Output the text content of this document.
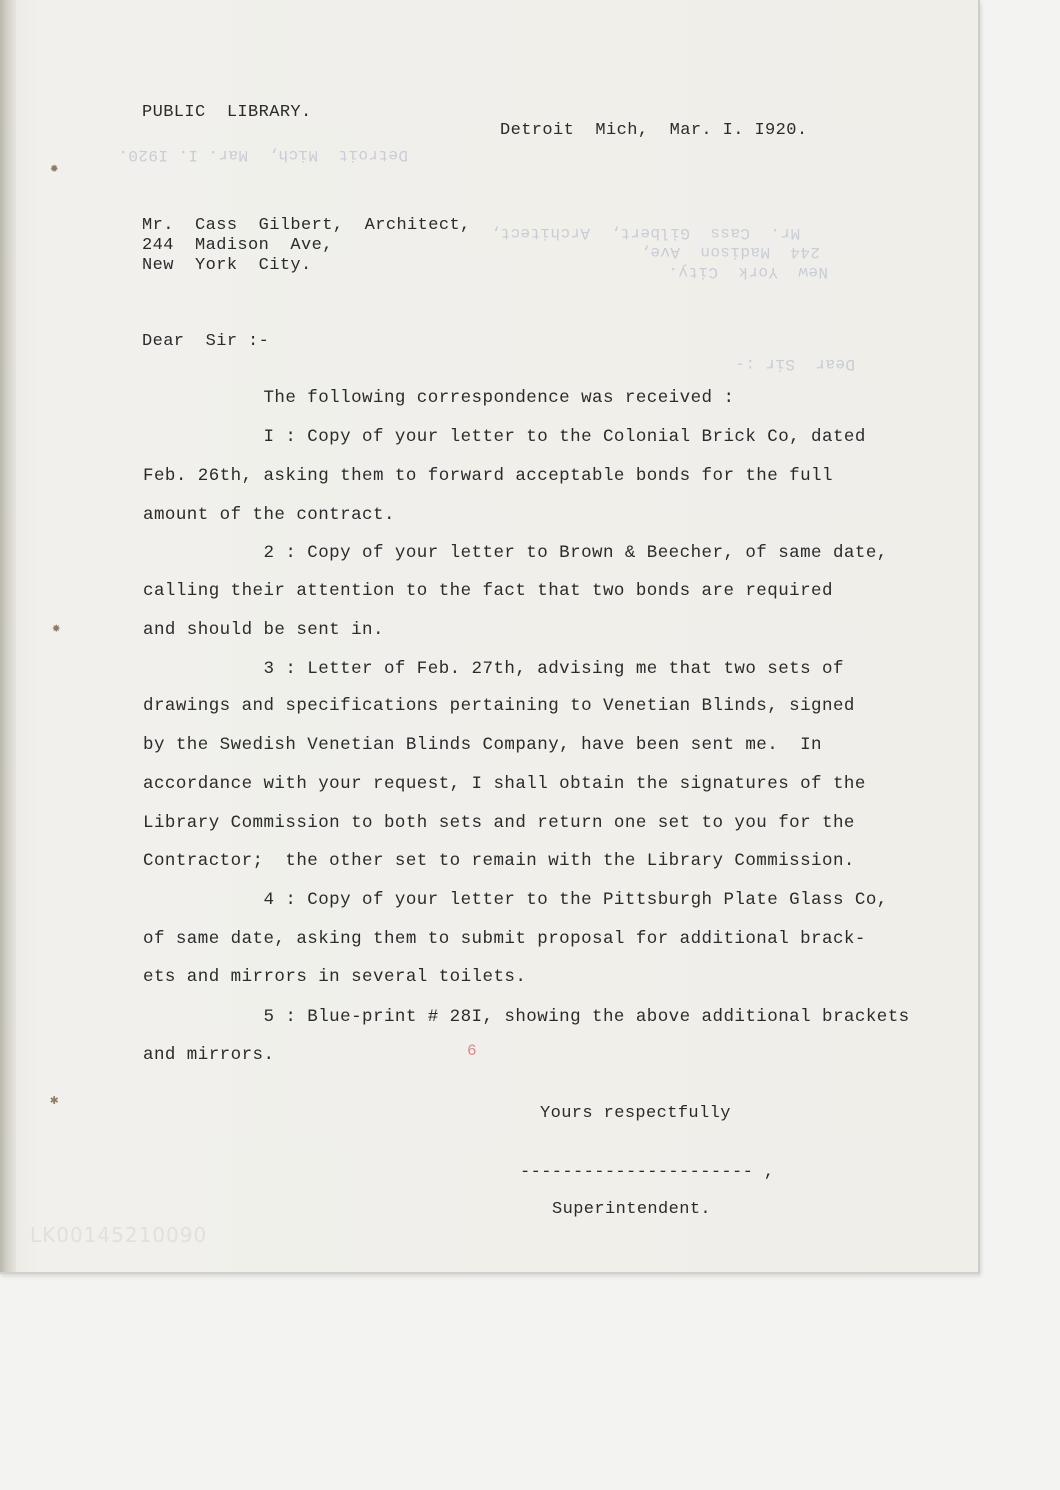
Detroit  Mich,  Mar. I. I920.
Mr.  Cass  Gilbert,  Architect,
244  Madison  Ave,
New  York  City.
Dear  Sir :-
PUBLIC  LIBRARY.
Detroit  Mich,  Mar. I. I920.
Mr.  Cass  Gilbert,  Architect,
244  Madison  Ave,
New  York  City.
Dear  Sir :-
The following correspondence was received :
I : Copy of your letter to the Colonial Brick Co, dated
Feb. 26th, asking them to forward acceptable bonds for the full
amount of the contract.
2 : Copy of your letter to Brown & Beecher, of same date,
calling their attention to the fact that two bonds are required
and should be sent in.
3 : Letter of Feb. 27th, advising me that two sets of
drawings and specifications pertaining to Venetian Blinds, signed
by the Swedish Venetian Blinds Company, have been sent me.  In
accordance with your request, I shall obtain the signatures of the
Library Commission to both sets and return one set to you for the
Contractor;  the other set to remain with the Library Commission.
4 : Copy of your letter to the Pittsburgh Plate Glass Co,
of same date, asking them to submit proposal for additional brack-
ets and mirrors in several toilets.
5 : Blue-print # 28I, showing the above additional brackets
and mirrors.	6
Yours respectfully
---------------------- ,
Superintendent.
✹
✸
✱
LK00145210090
